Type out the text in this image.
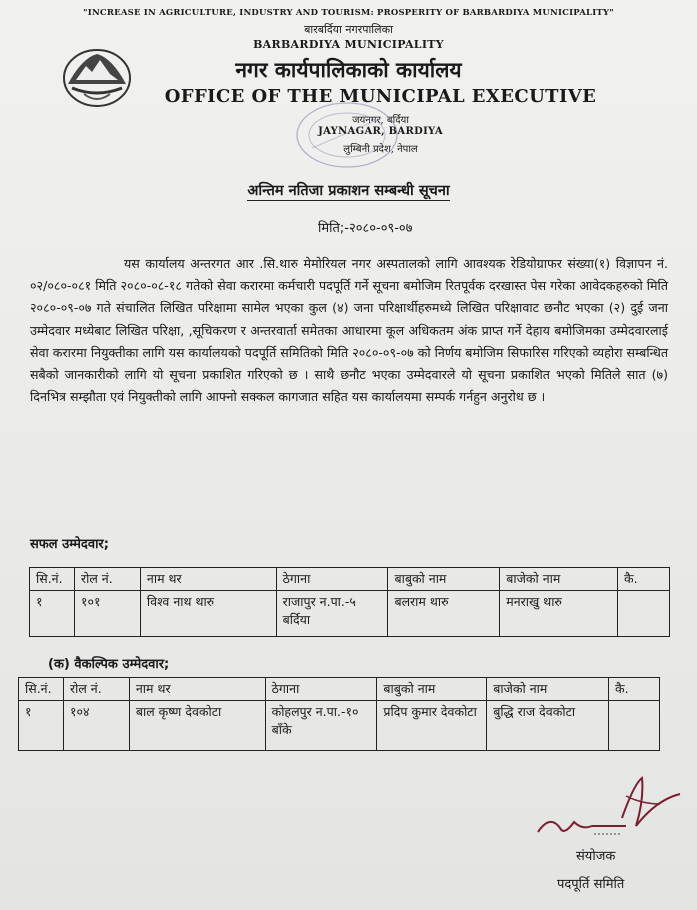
"INCREASE IN AGRICULTURE, INDUSTRY AND TOURISM: PROSPERITY OF BARBARDIYA MUNICIPALITY"
बारबर्दिया नगरपालिका
BARBARDIYA MUNICIPALITY
नगर कार्यपालिकाको कार्यालय
OFFICE OF THE MUNICIPAL EXECUTIVE
जयनगर, बर्दिया
JAYNAGAR, BARDIYA
लुम्बिनी प्रदेश, नेपाल
अन्तिम नतिजा प्रकाशन सम्बन्धी सूचना
मिति;-२०८०-०९-०७
यस कार्यालय अन्तरगत आर .सि.थारु मेमोरियल नगर अस्पतालको लागि आवश्यक रेडियोग्राफर संख्या(१) विज्ञापन नं. ०२/०८०-०८१ मिति २०८०-०८-१८ गतेको सेवा करारमा कर्मचारी पदपूर्ति गर्ने सूचना बमोजिम रितपूर्वक दरखास्त पेस गरेका आवेदकहरुको मिति २०८०-०९-०७ गते संचालित लिखित परिक्षामा सामेल भएका कुल (४) जना परिक्षार्थीहरुमध्ये लिखित परिक्षावाट छनौट भएका (२) दुई जना उम्मेदवार मध्येबाट लिखित परिक्षा, ,सूचिकरण र अन्तरवार्ता समेतका आधारमा कूल अधिकतम अंक प्राप्त गर्ने देहाय बमोजिमका उम्मेदवारलाई सेवा करारमा नियुक्तीका लागि यस कार्यालयको पदपूर्ति समितिको मिति २०८०-०९-०७ को निर्णय बमोजिम सिफारिस गरिएको व्यहोरा सम्बन्धित सबैको जानकारीको लागि यो सूचना प्रकाशित गरिएको छ । साथै छनौट भएका उम्मेदवारले यो सूचना प्रकाशित भएको मितिले सात (७) दिनभित्र सम्झौता एवं नियुक्तीको लागि आफ्नो सक्कल कागजात सहित यस कार्यालयमा सम्पर्क गर्नहुन अनुरोध छ ।
सफल उम्मेदवार;
सि.नं.	रोल नं.	नाम थर	ठेगाना	बाबुको नाम	बाजेको नाम	कै.
१	१०१	विश्व नाथ थारु	राजापुर न.पा.-५ बर्दिया	बलराम थारु	मनराखु थारु	
(क) वैकल्पिक उम्मेदवार;
सि.नं.	रोल नं.	नाम थर	ठेगाना	बाबुको नाम	बाजेको नाम	कै.
१	१०४	बाल कृष्ण देवकोटा	कोहलपुर न.पा.-१० बाँके	प्रदिप कुमार देवकोटा	बुद्धि राज देवकोटा	
संयोजक
पदपूर्ति समिति
